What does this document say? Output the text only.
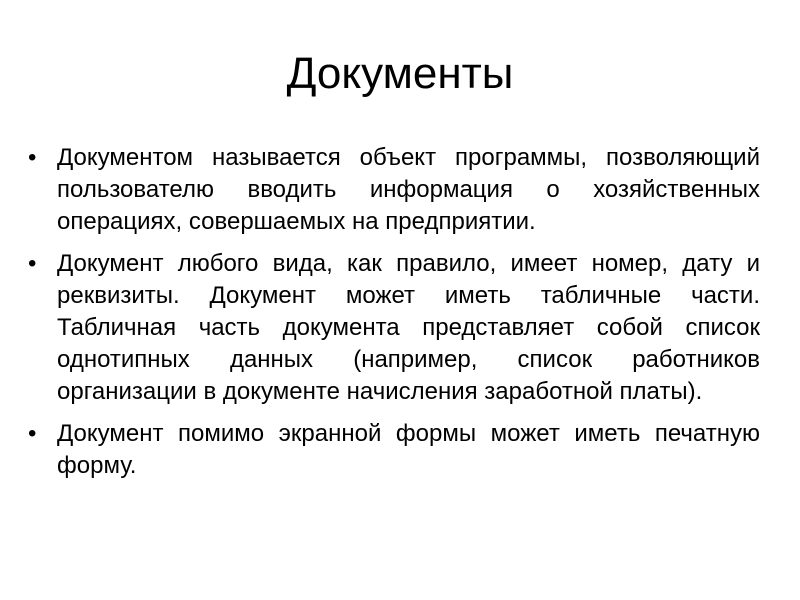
Документы
• Документом называется объект программы, позволяющий пользователю вводить информация о хозяйственных операциях, совершаемых на предприятии.
• Документ любого вида, как правило, имеет номер, дату и реквизиты. Документ может иметь табличные части. Табличная часть документа представляет собой список однотипных данных (например, список работников организации в документе начисления заработной платы).
• Документ помимо экранной формы может иметь печатную форму.
